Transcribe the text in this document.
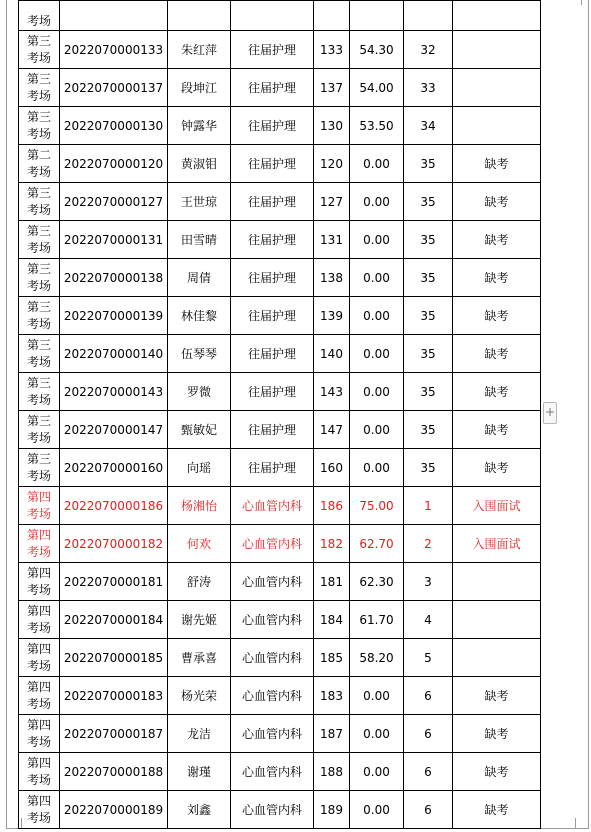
考场							

第三
考场	2022070000133	朱红萍	往届护理	133	54.30	32	

第三
考场	2022070000137	段坤江	往届护理	137	54.00	33	

第三
考场	2022070000130	钟露华	往届护理	130	53.50	34	

第二
考场	2022070000120	黄淑钼	往届护理	120	0.00	35	缺考

第三
考场	2022070000127	王世琼	往届护理	127	0.00	35	缺考

第三
考场	2022070000131	田雪晴	往届护理	131	0.00	35	缺考

第三
考场	2022070000138	周倩	往届护理	138	0.00	35	缺考

第三
考场	2022070000139	林佳黎	往届护理	139	0.00	35	缺考

第三
考场	2022070000140	伍琴琴	往届护理	140	0.00	35	缺考

第三
考场	2022070000143	罗微	往届护理	143	0.00	35	缺考

第三
考场	2022070000147	甄敏妃	往届护理	147	0.00	35	缺考

第三
考场	2022070000160	向瑶	往届护理	160	0.00	35	缺考

第四
考场	2022070000186	杨湘怡	心血管内科	186	75.00	1	入围面试

第四
考场	2022070000182	何欢	心血管内科	182	62.70	2	入围面试

第四
考场	2022070000181	舒涛	心血管内科	181	62.30	3	

第四
考场	2022070000184	谢先姬	心血管内科	184	61.70	4	

第四
考场	2022070000185	曹承喜	心血管内科	185	58.20	5	

第四
考场	2022070000183	杨光荣	心血管内科	183	0.00	6	缺考

第四
考场	2022070000187	龙洁	心血管内科	187	0.00	6	缺考

第四
考场	2022070000188	谢瑾	心血管内科	188	0.00	6	缺考

第四
考场	2022070000189	刘鑫	心血管内科	189	0.00	6	缺考
+
